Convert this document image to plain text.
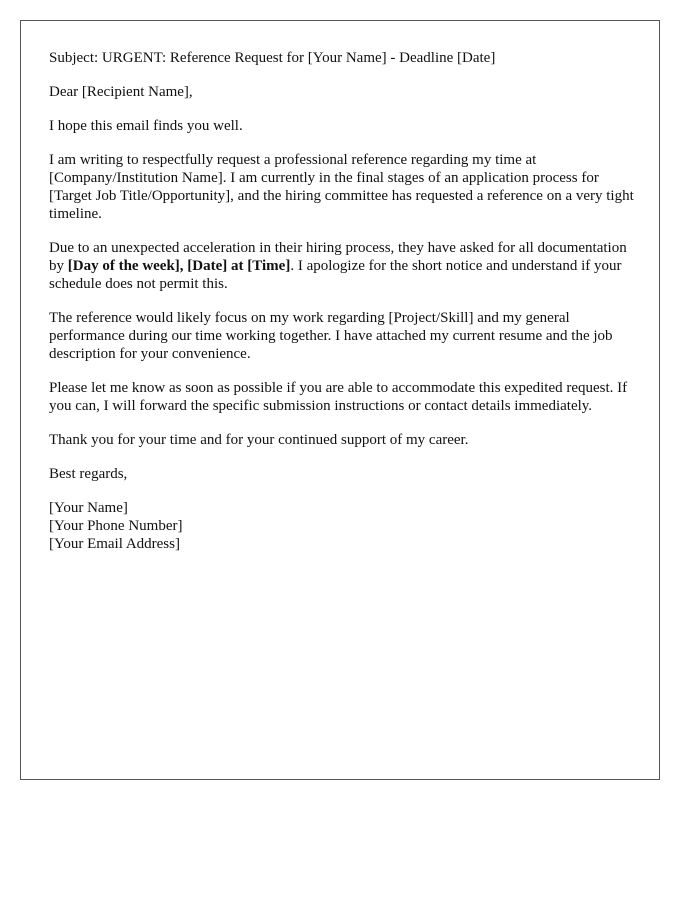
Subject: URGENT: Reference Request for [Your Name] - Deadline [Date]

Dear [Recipient Name],

I hope this email finds you well.

I am writing to respectfully request a professional reference regarding my time at [Company/Institution Name]. I am currently in the final stages of an application process for [Target Job Title/Opportunity], and the hiring committee has requested a reference on a very tight timeline.

Due to an unexpected acceleration in their hiring process, they have asked for all documentation by [Day of the week], [Date] at [Time]. I apologize for the short notice and understand if your schedule does not permit this.

The reference would likely focus on my work regarding [Project/Skill] and my general performance during our time working together. I have attached my current resume and the job description for your convenience.

Please let me know as soon as possible if you are able to accommodate this expedited request. If you can, I will forward the specific submission instructions or contact details immediately.

Thank you for your time and for your continued support of my career.

Best regards,

[Your Name]
[Your Phone Number]
[Your Email Address]
